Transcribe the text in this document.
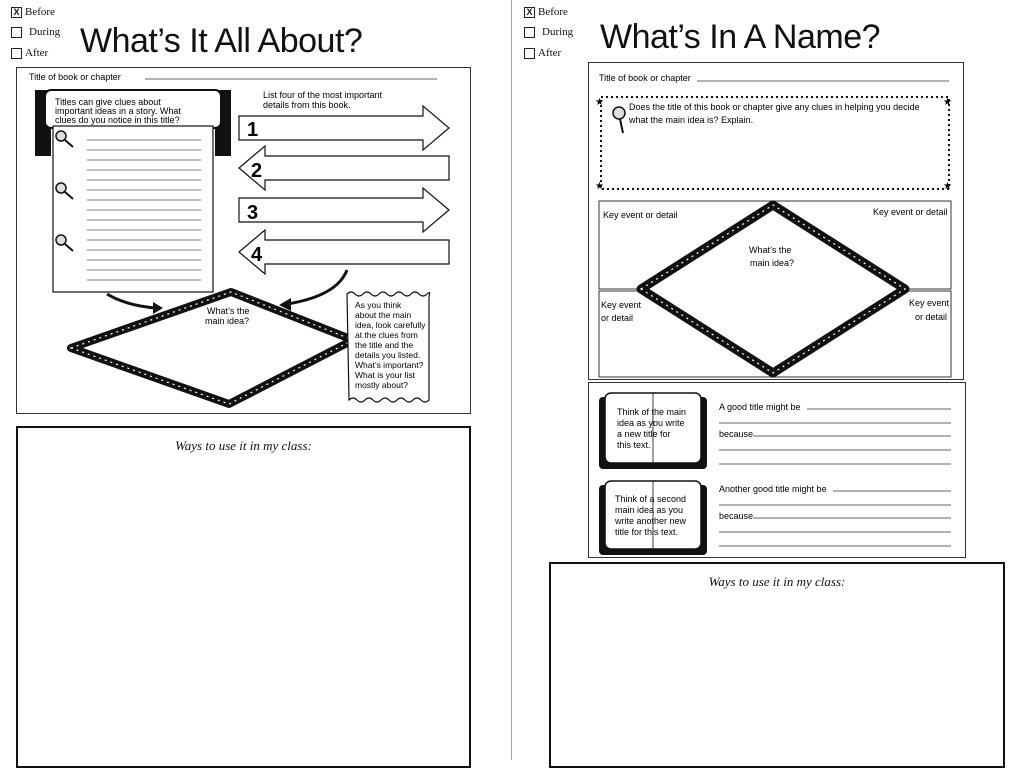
X Before
During
After What’s It All About?
Title of book or chapter
Titles can give clues about
important ideas in a story. What
clues do you notice in this title?
List four of the most important
details from this book.
1
2
3
4
What’s the
main idea?
As you think
about the main
idea, look carefully
at the clues from
the title and the
details you listed.
What’s important?
What is your list
mostly about?
Ways to use it in my class:
X Before
During
After What’s In A Name?
Title of book or chapter
★	★
★	★
Does the title of this book or chapter give any clues in helping you decide
what the main idea is? Explain.
Key event or detail	Key event or detail
Key event
or detail
Key event
or detail
What’s the
main idea?
Think of the main
idea as you write
a new title for
this text.
Think of a second
main idea as you
write another new
title for this text.
A good title might be
because
Another good title might be
because
Ways to use it in my class:
